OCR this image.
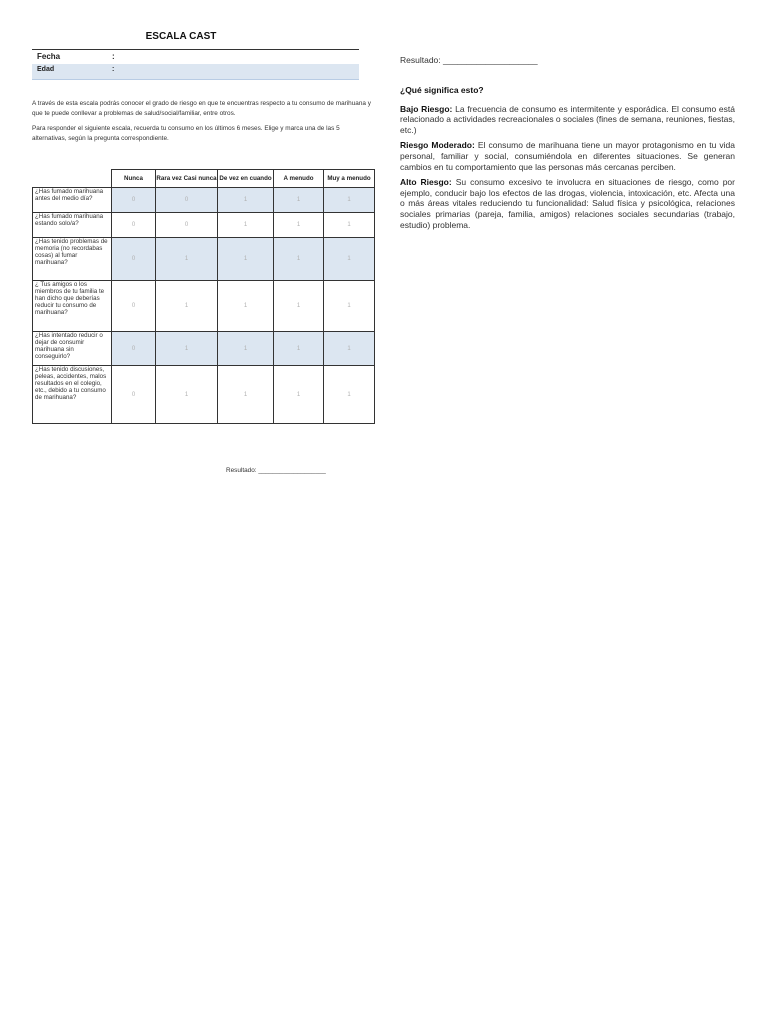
ESCALA CAST
Fecha	:
Edad	:
A través de esta escala podrás conocer el grado de riesgo en que te encuentras respecto a tu consumo de marihuana y que te puede conllevar a problemas de salud/social/familiar, entre otros.
Para responder el siguiente escala, recuerda tu consumo en los últimos 6 meses. Elige y marca una de las 5 alternativas, según la pregunta correspondiente.
	Nunca	Rara vez Casi nunca	De vez en cuando	A menudo	Muy a menudo
¿Has fumado marihuana antes del medio día?	0	0	1	1	1
¿Has fumado marihuana estando solo/a?	0	0	1	1	1
¿Has tenido problemas de memoria (no recordabas cosas) al fumar marihuana?	0	1	1	1	1
¿ Tus amigos o los miembros de tu familia te han dicho que deberías reducir tu consumo de marihuana?	0	1	1	1	1
¿Has intentado reducir o dejar de consumir marihuana sin conseguirlo?	0	1	1	1	1
¿Has tenido discusiones, peleas, accidentes, malos resultados en el colegio, etc., debido a tu consumo de marihuana?	0	1	1	1	1
Resultado: ___________________
Resultado: ____________________
¿Qué significa esto?

Bajo Riesgo: La frecuencia de consumo es intermitente y esporádica. El consumo está relacionado a actividades recreacionales o sociales (fines de semana, reuniones, fiestas, etc.)

Riesgo Moderado: El consumo de marihuana tiene un mayor protagonismo en tu vida personal, familiar y social, consumiéndola en diferentes situaciones. Se generan cambios en tu comportamiento que las personas más cercanas perciben.

Alto Riesgo: Su consumo excesivo te involucra en situaciones de riesgo, como por ejemplo, conducir bajo los efectos de las drogas, violencia, intoxicación, etc. Afecta una o más áreas vitales reduciendo tu funcionalidad: Salud física y psicológica, relaciones sociales primarias (pareja, familia, amigos) relaciones sociales secundarias (trabajo, estudio) problema.
